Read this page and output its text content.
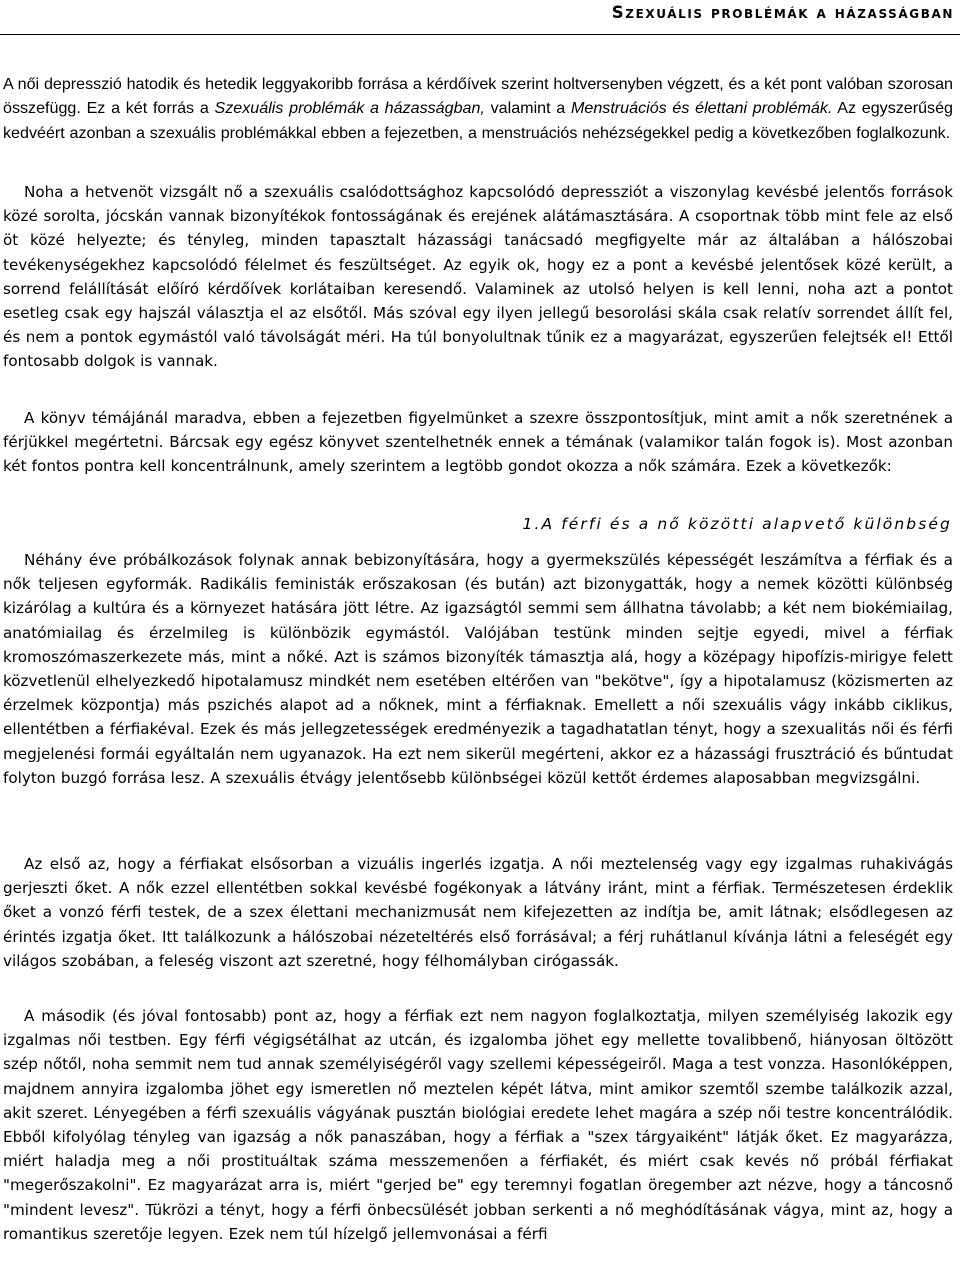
Szexuális problémák a házasságban

A női depresszió hatodik és hetedik leggyakoribb forrása a kérdőívek szerint holtversenyben végzett, és a két pont valóban szorosan összefügg. Ez a két forrás a Szexuális problémák a házasságban, valamint a Menstruációs és élettani problémák. Az egyszerűség kedvéért azonban a szexuális problémákkal ebben a fejezetben, a menstruációs nehézségekkel pedig a következőben foglalkozunk.

Noha a hetvenöt vizsgált nő a szexuális csalódottsághoz kapcsolódó depressziót a viszonylag kevésbé jelentős források közé sorolta, jócskán vannak bizonyítékok fontosságának és erejének alátámasztására. A csoportnak több mint fele az első öt közé helyezte; és tényleg, minden tapasztalt házassági tanácsadó megfigyelte már az általában a hálószobai tevékenységekhez kapcsolódó félelmet és feszültséget. Az egyik ok, hogy ez a pont a kevésbé jelentősek közé került, a sorrend felállítását előíró kérdőívek korlátaiban keresendő. Valaminek az utolsó helyen is kell lenni, noha azt a pontot esetleg csak egy hajszál választja el az elsőtől. Más szóval egy ilyen jellegű besorolási skála csak relatív sorrendet állít fel, és nem a pontok egymástól való távolságát méri. Ha túl bonyolultnak tűnik ez a magyarázat, egyszerűen felejtsék el! Ettől fontosabb dolgok is vannak.

A könyv témájánál maradva, ebben a fejezetben figyelmünket a szexre összpontosítjuk, mint amit a nők szeretnének a férjükkel megértetni. Bárcsak egy egész könyvet szentelhetnék ennek a témának (valamikor talán fogok is). Most azonban két fontos pontra kell koncentrálnunk, amely szerintem a legtöbb gondot okozza a nők számára. Ezek a következők:

1.A férfi és a nő közötti alapvető különbség

Néhány éve próbálkozások folynak annak bebizonyítására, hogy a gyermekszülés képességét leszámítva a férfiak és a nők teljesen egyformák. Radikális feministák erőszakosan (és bután) azt bizonygatták, hogy a nemek közötti különbség kizárólag a kultúra és a környezet hatására jött létre. Az igazságtól semmi sem állhatna távolabb; a két nem biokémiailag, anatómiailag és érzelmileg is különbözik egymástól. Valójában testünk minden sejtje egyedi, mivel a férfiak kromoszómaszerkezete más, mint a nőké. Azt is számos bizonyíték támasztja alá, hogy a középagy hipofízis-mirigye felett közvetlenül elhelyezkedő hipotalamusz mindkét nem esetében eltérően van "bekötve", így a hipotalamusz (közismerten az érzelmek központja) más pszichés alapot ad a nőknek, mint a férfiaknak. Emellett a női szexuális vágy inkább ciklikus, ellentétben a férfiakéval. Ezek és más jellegzetességek eredményezik a tagadhatatlan tényt, hogy a szexualitás női és férfi megjelenési formái egyáltalán nem ugyanazok. Ha ezt nem sikerül megérteni, akkor ez a házassági frusztráció és bűntudat folyton buzgó forrása lesz. A szexuális étvágy jelentősebb különbségei közül kettőt érdemes alaposabban megvizsgálni.

Az első az, hogy a férfiakat elsősorban a vizuális ingerlés izgatja. A női meztelenség vagy egy izgalmas ruhakivágás gerjeszti őket. A nők ezzel ellentétben sokkal kevésbé fogékonyak a látvány iránt, mint a férfiak. Természetesen érdeklik őket a vonzó férfi testek, de a szex élettani mechanizmusát nem kifejezetten az indítja be, amit látnak; elsődlegesen az érintés izgatja őket. Itt találkozunk a hálószobai nézeteltérés első forrásával; a férj ruhátlanul kívánja látni a feleségét egy világos szobában, a feleség viszont azt szeretné, hogy félhomályban cirógassák.

A második (és jóval fontosabb) pont az, hogy a férfiak ezt nem nagyon foglalkoztatja, milyen személyiség lakozik egy izgalmas női testben. Egy férfi végigsétálhat az utcán, és izgalomba jöhet egy mellette tovalibbenő, hiányosan öltözött szép nőtől, noha semmit nem tud annak személyiségéről vagy szellemi képességeiről. Maga a test vonzza. Hasonlóképpen, majdnem annyira izgalomba jöhet egy ismeretlen nő meztelen képét látva, mint amikor szemtől szembe találkozik azzal, akit szeret. Lényegében a férfi szexuális vágyának pusztán biológiai eredete lehet magára a szép női testre koncentrálódik. Ebből kifolyólag tényleg van igazság a nők panaszában, hogy a férfiak a "szex tárgyaiként" látják őket. Ez magyarázza, miért haladja meg a női prostituáltak száma messzemenően a férfiakét, és miért csak kevés nő próbál férfiakat "megerőszakolni". Ez magyarázat arra is, miért "gerjed be" egy teremnyi fogatlan öregember azt nézve, hogy a táncosnő "mindent levesz". Tükrözi a tényt, hogy a férfi önbecsülését jobban serkenti a nő meghódításának vágya, mint az, hogy a romantikus szeretője legyen. Ezek nem túl hízelgő jellemvonásai a férfi
